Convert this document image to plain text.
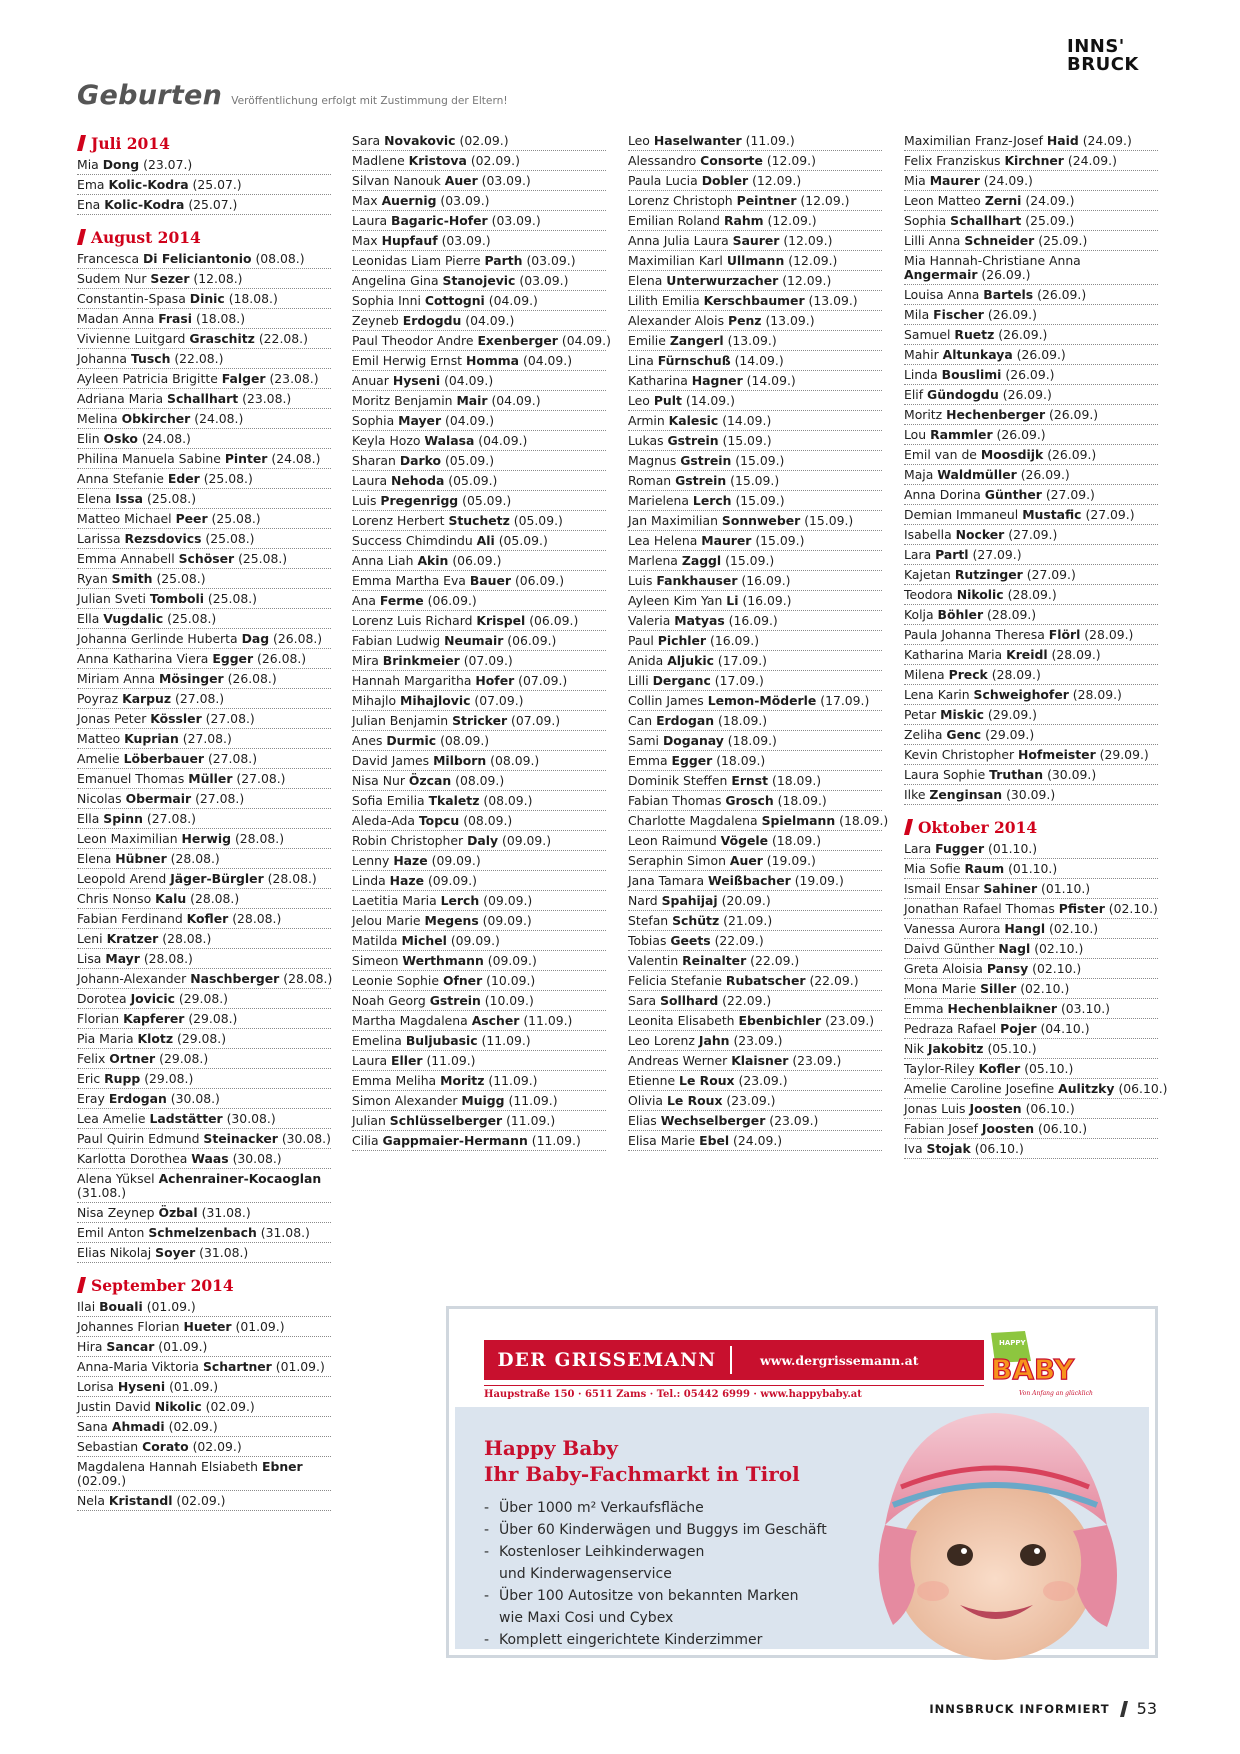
INNS'
BRUCK
Geburten Veröffentlichung erfolgt mit Zustimmung der Eltern!
Juli 2014
Mia Dong (23.07.)
Ema Kolic-Kodra (25.07.)
Ena Kolic-Kodra (25.07.)
August 2014
Francesca Di Feliciantonio (08.08.)
Sudem Nur Sezer (12.08.)
Constantin-Spasa Dinic (18.08.)
Madan Anna Frasi (18.08.)
Vivienne Luitgard Graschitz (22.08.)
Johanna Tusch (22.08.)
Ayleen Patricia Brigitte Falger (23.08.)
Adriana Maria Schallhart (23.08.)
Melina Obkircher (24.08.)
Elin Osko (24.08.)
Philina Manuela Sabine Pinter (24.08.)
Anna Stefanie Eder (25.08.)
Elena Issa (25.08.)
Matteo Michael Peer (25.08.)
Larissa Rezsdovics (25.08.)
Emma Annabell Schöser (25.08.)
Ryan Smith (25.08.)
Julian Sveti Tomboli (25.08.)
Ella Vugdalic (25.08.)
Johanna Gerlinde Huberta Dag (26.08.)
Anna Katharina Viera Egger (26.08.)
Miriam Anna Mösinger (26.08.)
Poyraz Karpuz (27.08.)
Jonas Peter Kössler (27.08.)
Matteo Kuprian (27.08.)
Amelie Löberbauer (27.08.)
Emanuel Thomas Müller (27.08.)
Nicolas Obermair (27.08.)
Ella Spinn (27.08.)
Leon Maximilian Herwig (28.08.)
Elena Hübner (28.08.)
Leopold Arend Jäger-Bürgler (28.08.)
Chris Nonso Kalu (28.08.)
Fabian Ferdinand Kofler (28.08.)
Leni Kratzer (28.08.)
Lisa Mayr (28.08.)
Johann-Alexander Naschberger (28.08.)
Dorotea Jovicic (29.08.)
Florian Kapferer (29.08.)
Pia Maria Klotz (29.08.)
Felix Ortner (29.08.)
Eric Rupp (29.08.)
Eray Erdogan (30.08.)
Lea Amelie Ladstätter (30.08.)
Paul Quirin Edmund Steinacker (30.08.)
Karlotta Dorothea Waas (30.08.)
Alena Yüksel Achenrainer-Kocaoglan (31.08.)
Nisa Zeynep Özbal (31.08.)
Emil Anton Schmelzenbach (31.08.)
Elias Nikolaj Soyer (31.08.)
September 2014
Ilai Bouali (01.09.)
Johannes Florian Hueter (01.09.)
Hira Sancar (01.09.)
Anna-Maria Viktoria Schartner (01.09.)
Lorisa Hyseni (01.09.)
Justin David Nikolic (02.09.)
Sana Ahmadi (02.09.)
Sebastian Corato (02.09.)
Magdalena Hannah Elsiabeth Ebner (02.09.)
Nela Kristandl (02.09.)
Sara Novakovic (02.09.)
Madlene Kristova (02.09.)
Silvan Nanouk Auer (03.09.)
Max Auernig (03.09.)
Laura Bagaric-Hofer (03.09.)
Max Hupfauf (03.09.)
Leonidas Liam Pierre Parth (03.09.)
Angelina Gina Stanojevic (03.09.)
Sophia Inni Cottogni (04.09.)
Zeyneb Erdogdu (04.09.)
Paul Theodor Andre Exenberger (04.09.)
Emil Herwig Ernst Homma (04.09.)
Anuar Hyseni (04.09.)
Moritz Benjamin Mair (04.09.)
Sophia Mayer (04.09.)
Keyla Hozo Walasa (04.09.)
Sharan Darko (05.09.)
Laura Nehoda (05.09.)
Luis Pregenrigg (05.09.)
Lorenz Herbert Stuchetz (05.09.)
Success Chimdindu Ali (05.09.)
Anna Liah Akin (06.09.)
Emma Martha Eva Bauer (06.09.)
Ana Ferme (06.09.)
Lorenz Luis Richard Krispel (06.09.)
Fabian Ludwig Neumair (06.09.)
Mira Brinkmeier (07.09.)
Hannah Margaritha Hofer (07.09.)
Mihajlo Mihajlovic (07.09.)
Julian Benjamin Stricker (07.09.)
Anes Durmic (08.09.)
David James Milborn (08.09.)
Nisa Nur Özcan (08.09.)
Sofia Emilia Tkaletz (08.09.)
Aleda-Ada Topcu (08.09.)
Robin Christopher Daly (09.09.)
Lenny Haze (09.09.)
Linda Haze (09.09.)
Laetitia Maria Lerch (09.09.)
Jelou Marie Megens (09.09.)
Matilda Michel (09.09.)
Simeon Werthmann (09.09.)
Leonie Sophie Ofner (10.09.)
Noah Georg Gstrein (10.09.)
Martha Magdalena Ascher (11.09.)
Emelina Buljubasic (11.09.)
Laura Eller (11.09.)
Emma Meliha Moritz (11.09.)
Simon Alexander Muigg (11.09.)
Julian Schlüsselberger (11.09.)
Cilia Gappmaier-Hermann (11.09.)
Leo Haselwanter (11.09.)
Alessandro Consorte (12.09.)
Paula Lucia Dobler (12.09.)
Lorenz Christoph Peintner (12.09.)
Emilian Roland Rahm (12.09.)
Anna Julia Laura Saurer (12.09.)
Maximilian Karl Ullmann (12.09.)
Elena Unterwurzacher (12.09.)
Lilith Emilia Kerschbaumer (13.09.)
Alexander Alois Penz (13.09.)
Emilie Zangerl (13.09.)
Lina Fürnschuß (14.09.)
Katharina Hagner (14.09.)
Leo Pult (14.09.)
Armin Kalesic (14.09.)
Lukas Gstrein (15.09.)
Magnus Gstrein (15.09.)
Roman Gstrein (15.09.)
Marielena Lerch (15.09.)
Jan Maximilian Sonnweber (15.09.)
Lea Helena Maurer (15.09.)
Marlena Zaggl (15.09.)
Luis Fankhauser (16.09.)
Ayleen Kim Yan Li (16.09.)
Valeria Matyas (16.09.)
Paul Pichler (16.09.)
Anida Aljukic (17.09.)
Lilli Derganc (17.09.)
Collin James Lemon-Möderle (17.09.)
Can Erdogan (18.09.)
Sami Doganay (18.09.)
Emma Egger (18.09.)
Dominik Steffen Ernst (18.09.)
Fabian Thomas Grosch (18.09.)
Charlotte Magdalena Spielmann (18.09.)
Leon Raimund Vögele (18.09.)
Seraphin Simon Auer (19.09.)
Jana Tamara Weißbacher (19.09.)
Nard Spahijaj (20.09.)
Stefan Schütz (21.09.)
Tobias Geets (22.09.)
Valentin Reinalter (22.09.)
Felicia Stefanie Rubatscher (22.09.)
Sara Sollhard (22.09.)
Leonita Elisabeth Ebenbichler (23.09.)
Leo Lorenz Jahn (23.09.)
Andreas Werner Klaisner (23.09.)
Etienne Le Roux (23.09.)
Olivia Le Roux (23.09.)
Elias Wechselberger (23.09.)
Elisa Marie Ebel (24.09.)
Maximilian Franz-Josef Haid (24.09.)
Felix Franziskus Kirchner (24.09.)
Mia Maurer (24.09.)
Leon Matteo Zerni (24.09.)
Sophia Schallhart (25.09.)
Lilli Anna Schneider (25.09.)
Mia Hannah-Christiane Anna Angermair (26.09.)
Louisa Anna Bartels (26.09.)
Mila Fischer (26.09.)
Samuel Ruetz (26.09.)
Mahir Altunkaya (26.09.)
Linda Bouslimi (26.09.)
Elif Gündogdu (26.09.)
Moritz Hechenberger (26.09.)
Lou Rammler (26.09.)
Emil van de Moosdijk (26.09.)
Maja Waldmüller (26.09.)
Anna Dorina Günther (27.09.)
Demian Immaneul Mustafic (27.09.)
Isabella Nocker (27.09.)
Lara Partl (27.09.)
Kajetan Rutzinger (27.09.)
Teodora Nikolic (28.09.)
Kolja Böhler (28.09.)
Paula Johanna Theresa Flörl (28.09.)
Katharina Maria Kreidl (28.09.)
Milena Preck (28.09.)
Lena Karin Schweighofer (28.09.)
Petar Miskic (29.09.)
Zeliha Genc (29.09.)
Kevin Christopher Hofmeister (29.09.)
Laura Sophie Truthan (30.09.)
Ilke Zenginsan (30.09.)
Oktober 2014
Lara Fugger (01.10.)
Mia Sofie Raum (01.10.)
Ismail Ensar Sahiner (01.10.)
Jonathan Rafael Thomas Pfister (02.10.)
Vanessa Aurora Hangl (02.10.)
Daivd Günther Nagl (02.10.)
Greta Aloisia Pansy (02.10.)
Mona Marie Siller (02.10.)
Emma Hechenblaikner (03.10.)
Pedraza Rafael Pojer (04.10.)
Nik Jakobitz (05.10.)
Taylor-Riley Kofler (05.10.)
Amelie Caroline Josefine Aulitzky (06.10.)
Jonas Luis Joosten (06.10.)
Fabian Josef Joosten (06.10.)
Iva Stojak (06.10.)
DER GRISSEMANN	www.dergrissemann.at
Haupstraße 150 · 6511 Zams · Tel.: 05442 6999 · www.happybaby.at
HAPPY
BABY
Von Anfang an glücklich
Happy Baby
Ihr Baby-Fachmarkt in Tirol
- Über 1000 m² Verkaufsfläche
- Über 60 Kinderwägen und Buggys im Geschäft
- Kostenloser Leihkinderwagen und Kinderwagenservice
- Über 100 Autositze von bekannten Marken wie Maxi Cosi und Cybex
- Komplett eingerichtete Kinderzimmer
INNSBRUCK INFORMIERT 53
